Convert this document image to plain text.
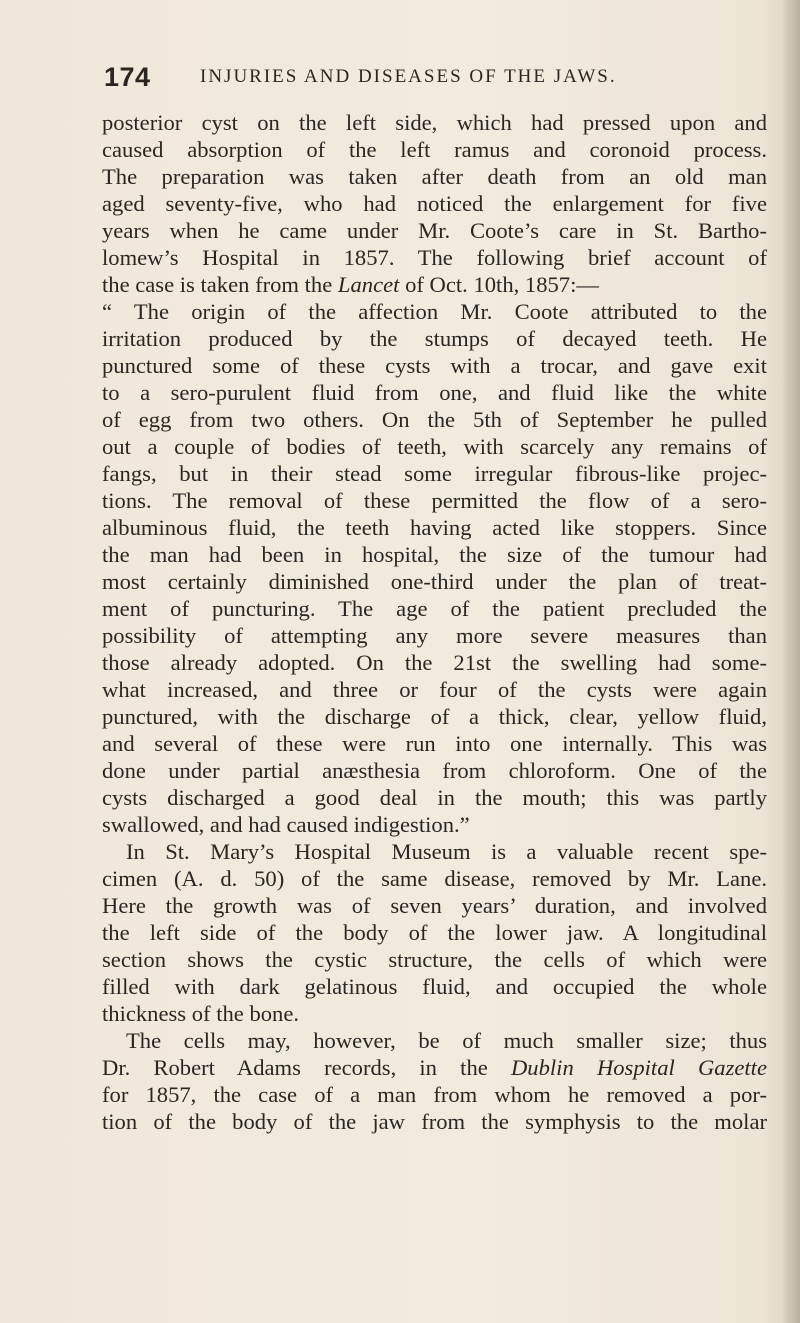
174	INJURIES AND DISEASES OF THE JAWS.
posterior cyst on the left side, which had pressed upon and
caused absorption of the left ramus and coronoid process.
The preparation was taken after death from an old man
aged seventy-five, who had noticed the enlargement for five
years when he came under Mr. Coote’s care in St. Bartho-
lomew’s Hospital in 1857. The following brief account of
the case is taken from the Lancet of Oct. 10th, 1857:—
“ The origin of the affection Mr. Coote attributed to the
irritation produced by the stumps of decayed teeth. He
punctured some of these cysts with a trocar, and gave exit
to a sero-purulent fluid from one, and fluid like the white
of egg from two others. On the 5th of September he pulled
out a couple of bodies of teeth, with scarcely any remains of
fangs, but in their stead some irregular fibrous-like projec-
tions. The removal of these permitted the flow of a sero-
albuminous fluid, the teeth having acted like stoppers. Since
the man had been in hospital, the size of the tumour had
most certainly diminished one-third under the plan of treat-
ment of puncturing. The age of the patient precluded the
possibility of attempting any more severe measures than
those already adopted. On the 21st the swelling had some-
what increased, and three or four of the cysts were again
punctured, with the discharge of a thick, clear, yellow fluid,
and several of these were run into one internally. This was
done under partial anæsthesia from chloroform. One of the
cysts discharged a good deal in the mouth; this was partly
swallowed, and had caused indigestion.”
In St. Mary’s Hospital Museum is a valuable recent spe-
cimen (A. d. 50) of the same disease, removed by Mr. Lane.
Here the growth was of seven years’ duration, and involved
the left side of the body of the lower jaw. A longitudinal
section shows the cystic structure, the cells of which were
filled with dark gelatinous fluid, and occupied the whole
thickness of the bone.
The cells may, however, be of much smaller size; thus
Dr. Robert Adams records, in the Dublin Hospital Gazette
for 1857, the case of a man from whom he removed a por-
tion of the body of the jaw from the symphysis to the molar
